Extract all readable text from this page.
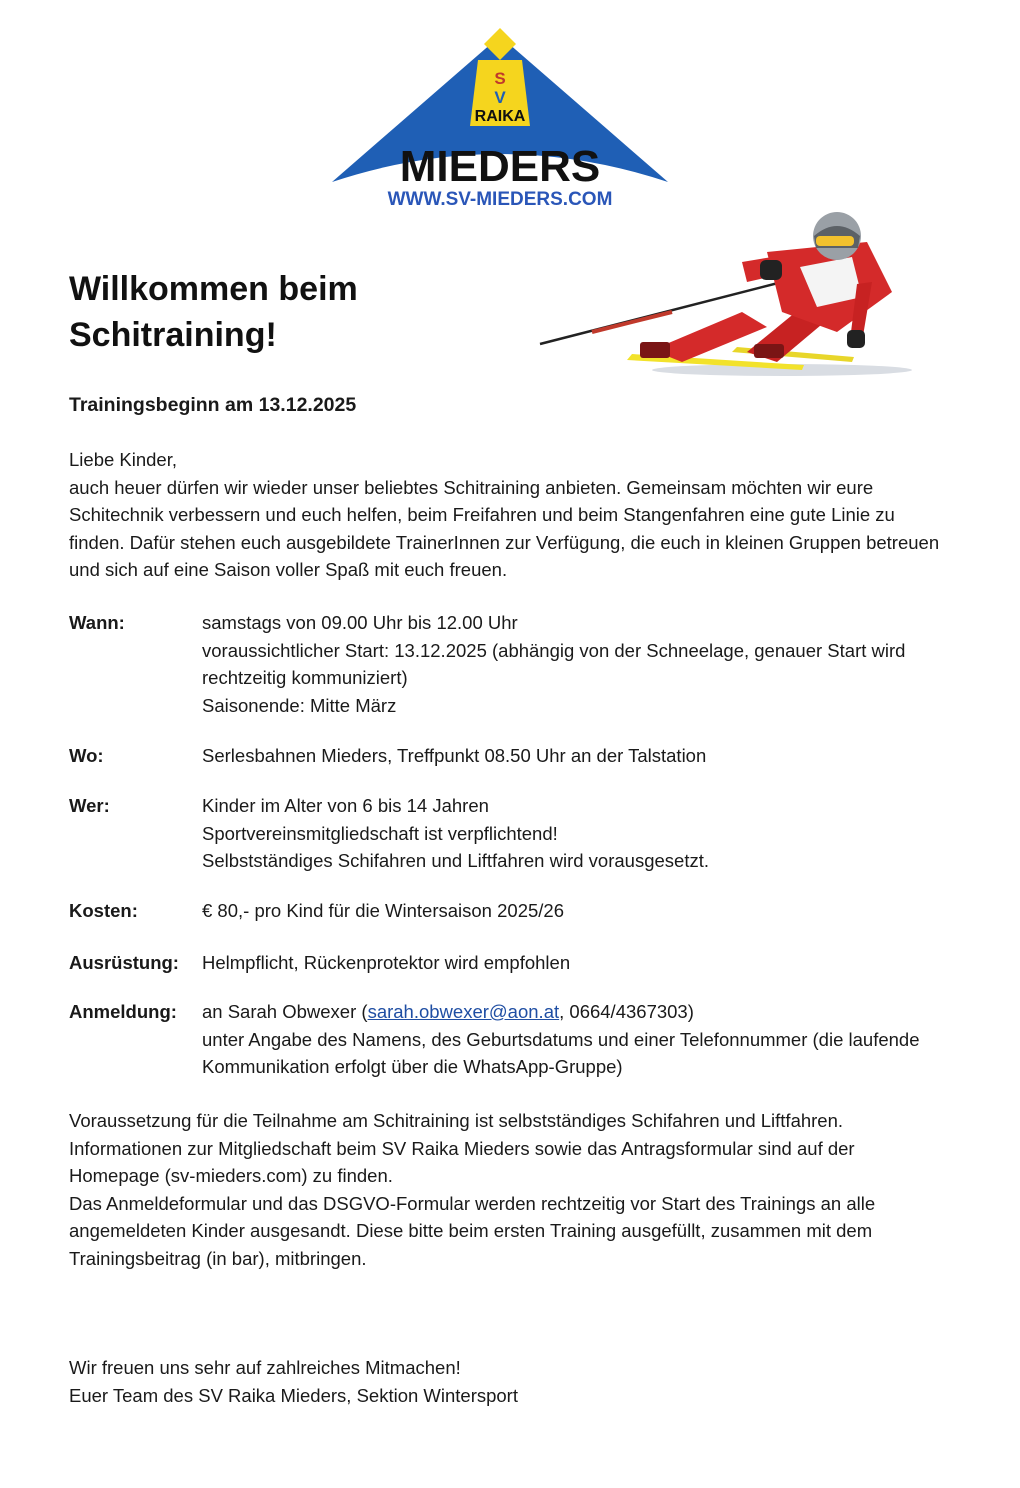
S
V
RAIKA
MIEDERS
WWW.SV-MIEDERS.COM
Willkommen beim
Schitraining!

Trainingsbeginn am 13.12.2025

Liebe Kinder,

auch heuer dürfen wir wieder unser beliebtes Schitraining anbieten. Gemeinsam möchten wir eure Schitechnik verbessern und euch helfen, beim Freifahren und beim Stangenfahren eine gute Linie zu finden. Dafür stehen euch ausgebildete TrainerInnen zur Verfügung, die euch in kleinen Gruppen betreuen und sich auf eine Saison voller Spaß mit euch freuen.

Wann:	samstags von 09.00 Uhr bis 12.00 Uhr

voraussichtlicher Start: 13.12.2025 (abhängig von der Schneelage, genauer Start wird rechtzeitig kommuniziert)

Saisonende: Mitte März

Wo:	Serlesbahnen Mieders, Treffpunkt 08.50 Uhr an der Talstation

Wer:	Kinder im Alter von 6 bis 14 Jahren

Sportvereinsmitgliedschaft ist verpflichtend!

Selbstständiges Schifahren und Liftfahren wird vorausgesetzt.

Kosten:	€ 80,- pro Kind für die Wintersaison 2025/26

Ausrüstung: Helmpflicht, Rückenprotektor wird empfohlen

Anmeldung: an Sarah Obwexer (sarah.obwexer@aon.at, 0664/4367303)

unter Angabe des Namens, des Geburtsdatums und einer Telefonnummer (die laufende Kommunikation erfolgt über die WhatsApp-Gruppe)

Voraussetzung für die Teilnahme am Schitraining ist selbstständiges Schifahren und Liftfahren.

Informationen zur Mitgliedschaft beim SV Raika Mieders sowie das Antragsformular sind auf der Homepage (sv-mieders.com) zu finden.

Das Anmeldeformular und das DSGVO-Formular werden rechtzeitig vor Start des Trainings an alle angemeldeten Kinder ausgesandt. Diese bitte beim ersten Training ausgefüllt, zusammen mit dem Trainingsbeitrag (in bar), mitbringen.

Wir freuen uns sehr auf zahlreiches Mitmachen!

Euer Team des SV Raika Mieders, Sektion Wintersport
